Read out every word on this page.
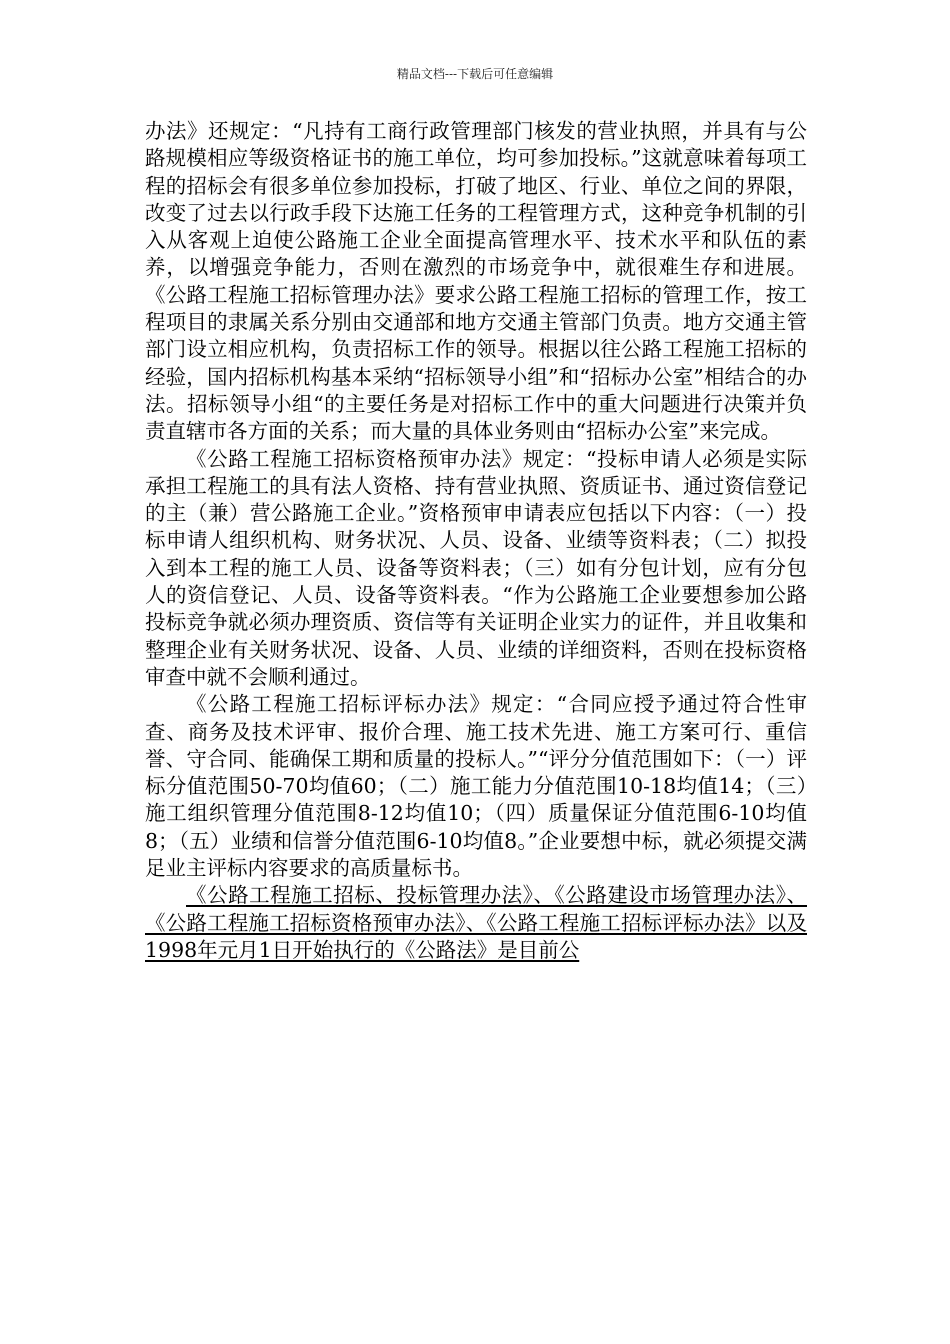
精品文档---下载后可任意编辑

办法》还规定：“凡持有工商行政管理部门核发的营业执照，并具有与公路规模相应等级资格证书的施工单位，均可参加投标。”这就意味着每项工程的招标会有很多单位参加投标，打破了地区、行业、单位之间的界限，改变了过去以行政手段下达施工任务的工程管理方式，这种竞争机制的引入从客观上迫使公路施工企业全面提高管理水平、技术水平和队伍的素养，以增强竞争能力，否则在激烈的市场竞争中，就很难生存和进展。《公路工程施工招标管理办法》要求公路工程施工招标的管理工作，按工程项目的隶属关系分别由交通部和地方交通主管部门负责。地方交通主管部门设立相应机构，负责招标工作的领导。根据以往公路工程施工招标的经验，国内招标机构基本采纳“招标领导小组”和“招标办公室”相结合的办法。招标领导小组“的主要任务是对招标工作中的重大问题进行决策并负责直辖市各方面的关系；而大量的具体业务则由“招标办公室”来完成。

《公路工程施工招标资格预审办法》规定：“投标申请人必须是实际承担工程施工的具有法人资格、持有营业执照、资质证书、通过资信登记的主（兼）营公路施工企业。”资格预审申请表应包括以下内容：（一）投标申请人组织机构、财务状况、人员、设备、业绩等资料表；（二）拟投入到本工程的施工人员、设备等资料表；（三）如有分包计划，应有分包人的资信登记、人员、设备等资料表。“作为公路施工企业要想参加公路投标竞争就必须办理资质、资信等有关证明企业实力的证件，并且收集和整理企业有关财务状况、设备、人员、业绩的详细资料，否则在投标资格审查中就不会顺利通过。

《公路工程施工招标评标办法》规定：“合同应授予通过符合性审查、商务及技术评审、报价合理、施工技术先进、施工方案可行、重信誉、守合同、能确保工期和质量的投标人。”“评分分值范围如下：（一）评标分值范围50-70均值60；（二）施工能力分值范围10-18均值14；（三）施工组织管理分值范围8-12均值10；（四）质量保证分值范围6-10均值8；（五）业绩和信誉分值范围6-10均值8。”企业要想中标，就必须提交满足业主评标内容要求的高质量标书。

《公路工程施工招标、投标管理办法》、《公路建设市场管理办法》、《公路工程施工招标资格预审办法》、《公路工程施工招标评标办法》以及1998年元月1日开始执行的《公路法》是目前公
